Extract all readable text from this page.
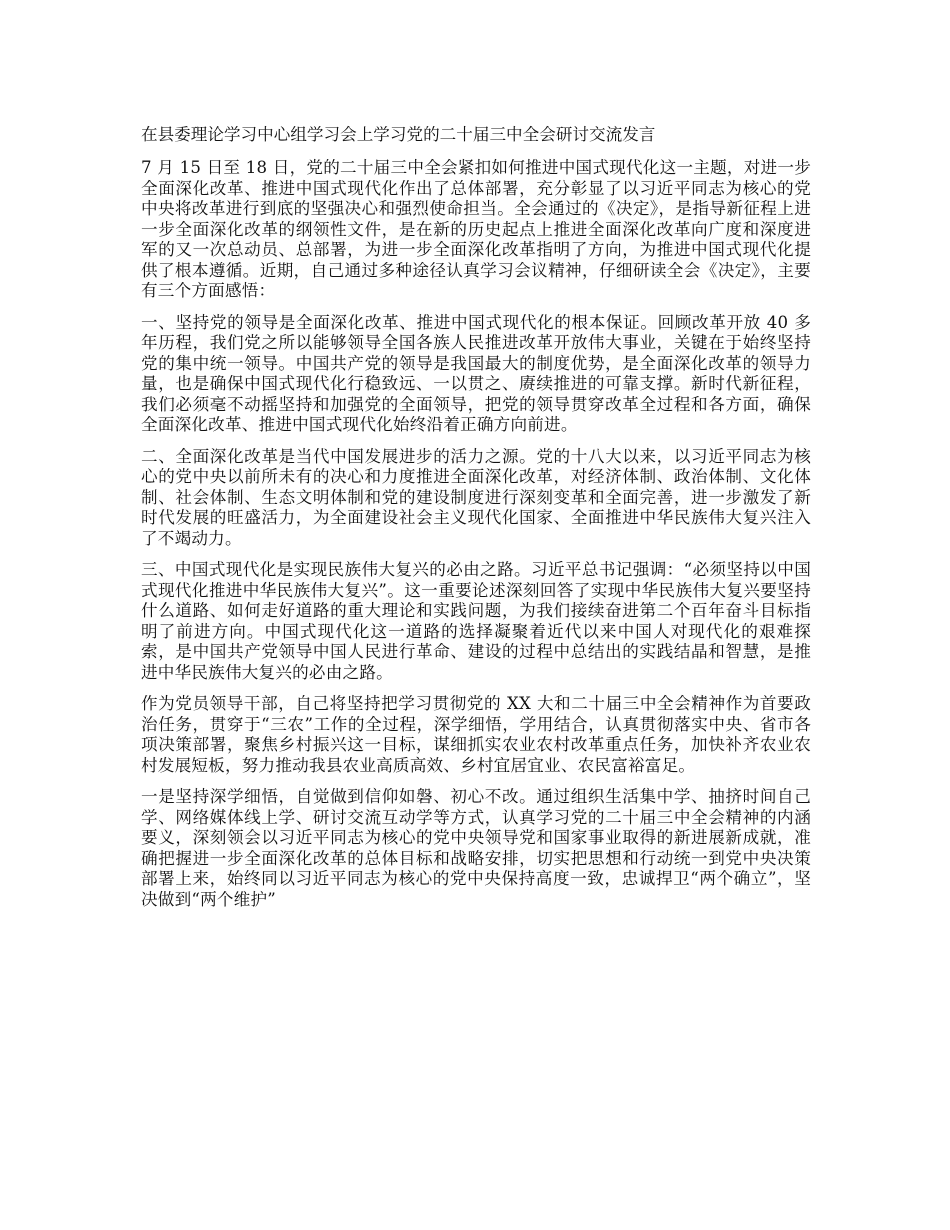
在县委理论学习中心组学习会上学习党的二十届三中全会研讨交流发言

7 月 15 日至 18 日，党的二十届三中全会紧扣如何推进中国式现代化这一主题，对进一步全面深化改革、推进中国式现代化作出了总体部署，充分彰显了以习近平同志为核心的党中央将改革进行到底的坚强决心和强烈使命担当。全会通过的《决定》，是指导新征程上进一步全面深化改革的纲领性文件，是在新的历史起点上推进全面深化改革向广度和深度进军的又一次总动员、总部署，为进一步全面深化改革指明了方向，为推进中国式现代化提供了根本遵循。近期，自己通过多种途径认真学习会议精神，仔细研读全会《决定》，主要有三个方面感悟：

一、坚持党的领导是全面深化改革、推进中国式现代化的根本保证。回顾改革开放 40 多年历程，我们党之所以能够领导全国各族人民推进改革开放伟大事业，关键在于始终坚持党的集中统一领导。中国共产党的领导是我国最大的制度优势，是全面深化改革的领导力量，也是确保中国式现代化行稳致远、一以贯之、赓续推进的可靠支撑。新时代新征程，我们必须毫不动摇坚持和加强党的全面领导，把党的领导贯穿改革全过程和各方面，确保全面深化改革、推进中国式现代化始终沿着正确方向前进。

二、全面深化改革是当代中国发展进步的活力之源。党的十八大以来，以习近平同志为核心的党中央以前所未有的决心和力度推进全面深化改革，对经济体制、政治体制、文化体制、社会体制、生态文明体制和党的建设制度进行深刻变革和全面完善，进一步激发了新时代发展的旺盛活力，为全面建设社会主义现代化国家、全面推进中华民族伟大复兴注入了不竭动力。

三、中国式现代化是实现民族伟大复兴的必由之路。习近平总书记强调：“必须坚持以中国式现代化推进中华民族伟大复兴”。这一重要论述深刻回答了实现中华民族伟大复兴要坚持什么道路、如何走好道路的重大理论和实践问题，为我们接续奋进第二个百年奋斗目标指明了前进方向。中国式现代化这一道路的选择凝聚着近代以来中国人对现代化的艰难探索，是中国共产党领导中国人民进行革命、建设的过程中总结出的实践结晶和智慧，是推进中华民族伟大复兴的必由之路。

作为党员领导干部，自己将坚持把学习贯彻党的 XX 大和二十届三中全会精神作为首要政治任务，贯穿于“三农”工作的全过程，深学细悟，学用结合，认真贯彻落实中央、省市各项决策部署，聚焦乡村振兴这一目标，谋细抓实农业农村改革重点任务，加快补齐农业农村发展短板，努力推动我县农业高质高效、乡村宜居宜业、农民富裕富足。

一是坚持深学细悟，自觉做到信仰如磐、初心不改。通过组织生活集中学、抽挤时间自己学、网络媒体线上学、研讨交流互动学等方式，认真学习党的二十届三中全会精神的内涵要义，深刻领会以习近平同志为核心的党中央领导党和国家事业取得的新进展新成就，准确把握进一步全面深化改革的总体目标和战略安排，切实把思想和行动统一到党中央决策部署上来，始终同以习近平同志为核心的党中央保持高度一致，忠诚捍卫“两个确立”，坚决做到“两个维护”
